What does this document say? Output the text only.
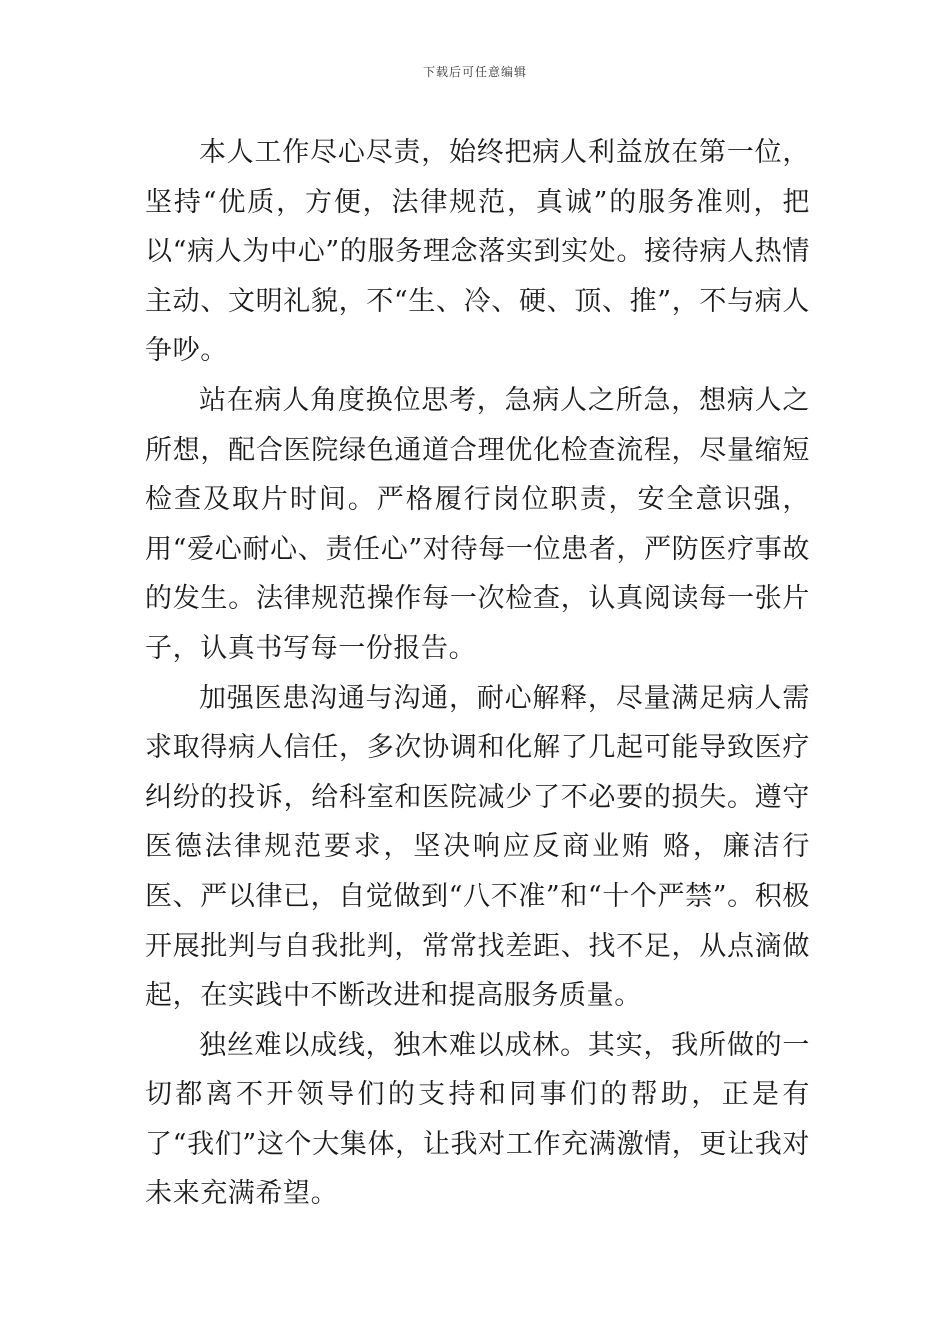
下载后可任意编辑

本人工作尽心尽责，始终把病人利益放在第一位，坚持“优质，方便，法律规范，真诚”的服务准则，把以“病人为中心”的服务理念落实到实处。接待病人热情主动、文明礼貌，不“生、冷、硬、顶、推”，不与病人争吵。

站在病人角度换位思考，急病人之所急，想病人之所想，配合医院绿色通道合理优化检查流程，尽量缩短检查及取片时间。严格履行岗位职责，安全意识强，用“爱心耐心、责任心”对待每一位患者，严防医疗事故的发生。法律规范操作每一次检查，认真阅读每一张片子，认真书写每一份报告。

加强医患沟通与沟通，耐心解释，尽量满足病人需求取得病人信任，多次协调和化解了几起可能导致医疗纠纷的投诉，给科室和医院减少了不必要的损失。遵守医德法律规范要求，坚决响应反商业贿 赂，廉洁行医、严以律已，自觉做到“八不准”和“十个严禁”。积极开展批判与自我批判，常常找差距、找不足，从点滴做起，在实践中不断改进和提高服务质量。

独丝难以成线，独木难以成林。其实，我所做的一切都离不开领导们的支持和同事们的帮助，正是有了“我们”这个大集体，让我对工作充满激情，更让我对未来充满希望。
